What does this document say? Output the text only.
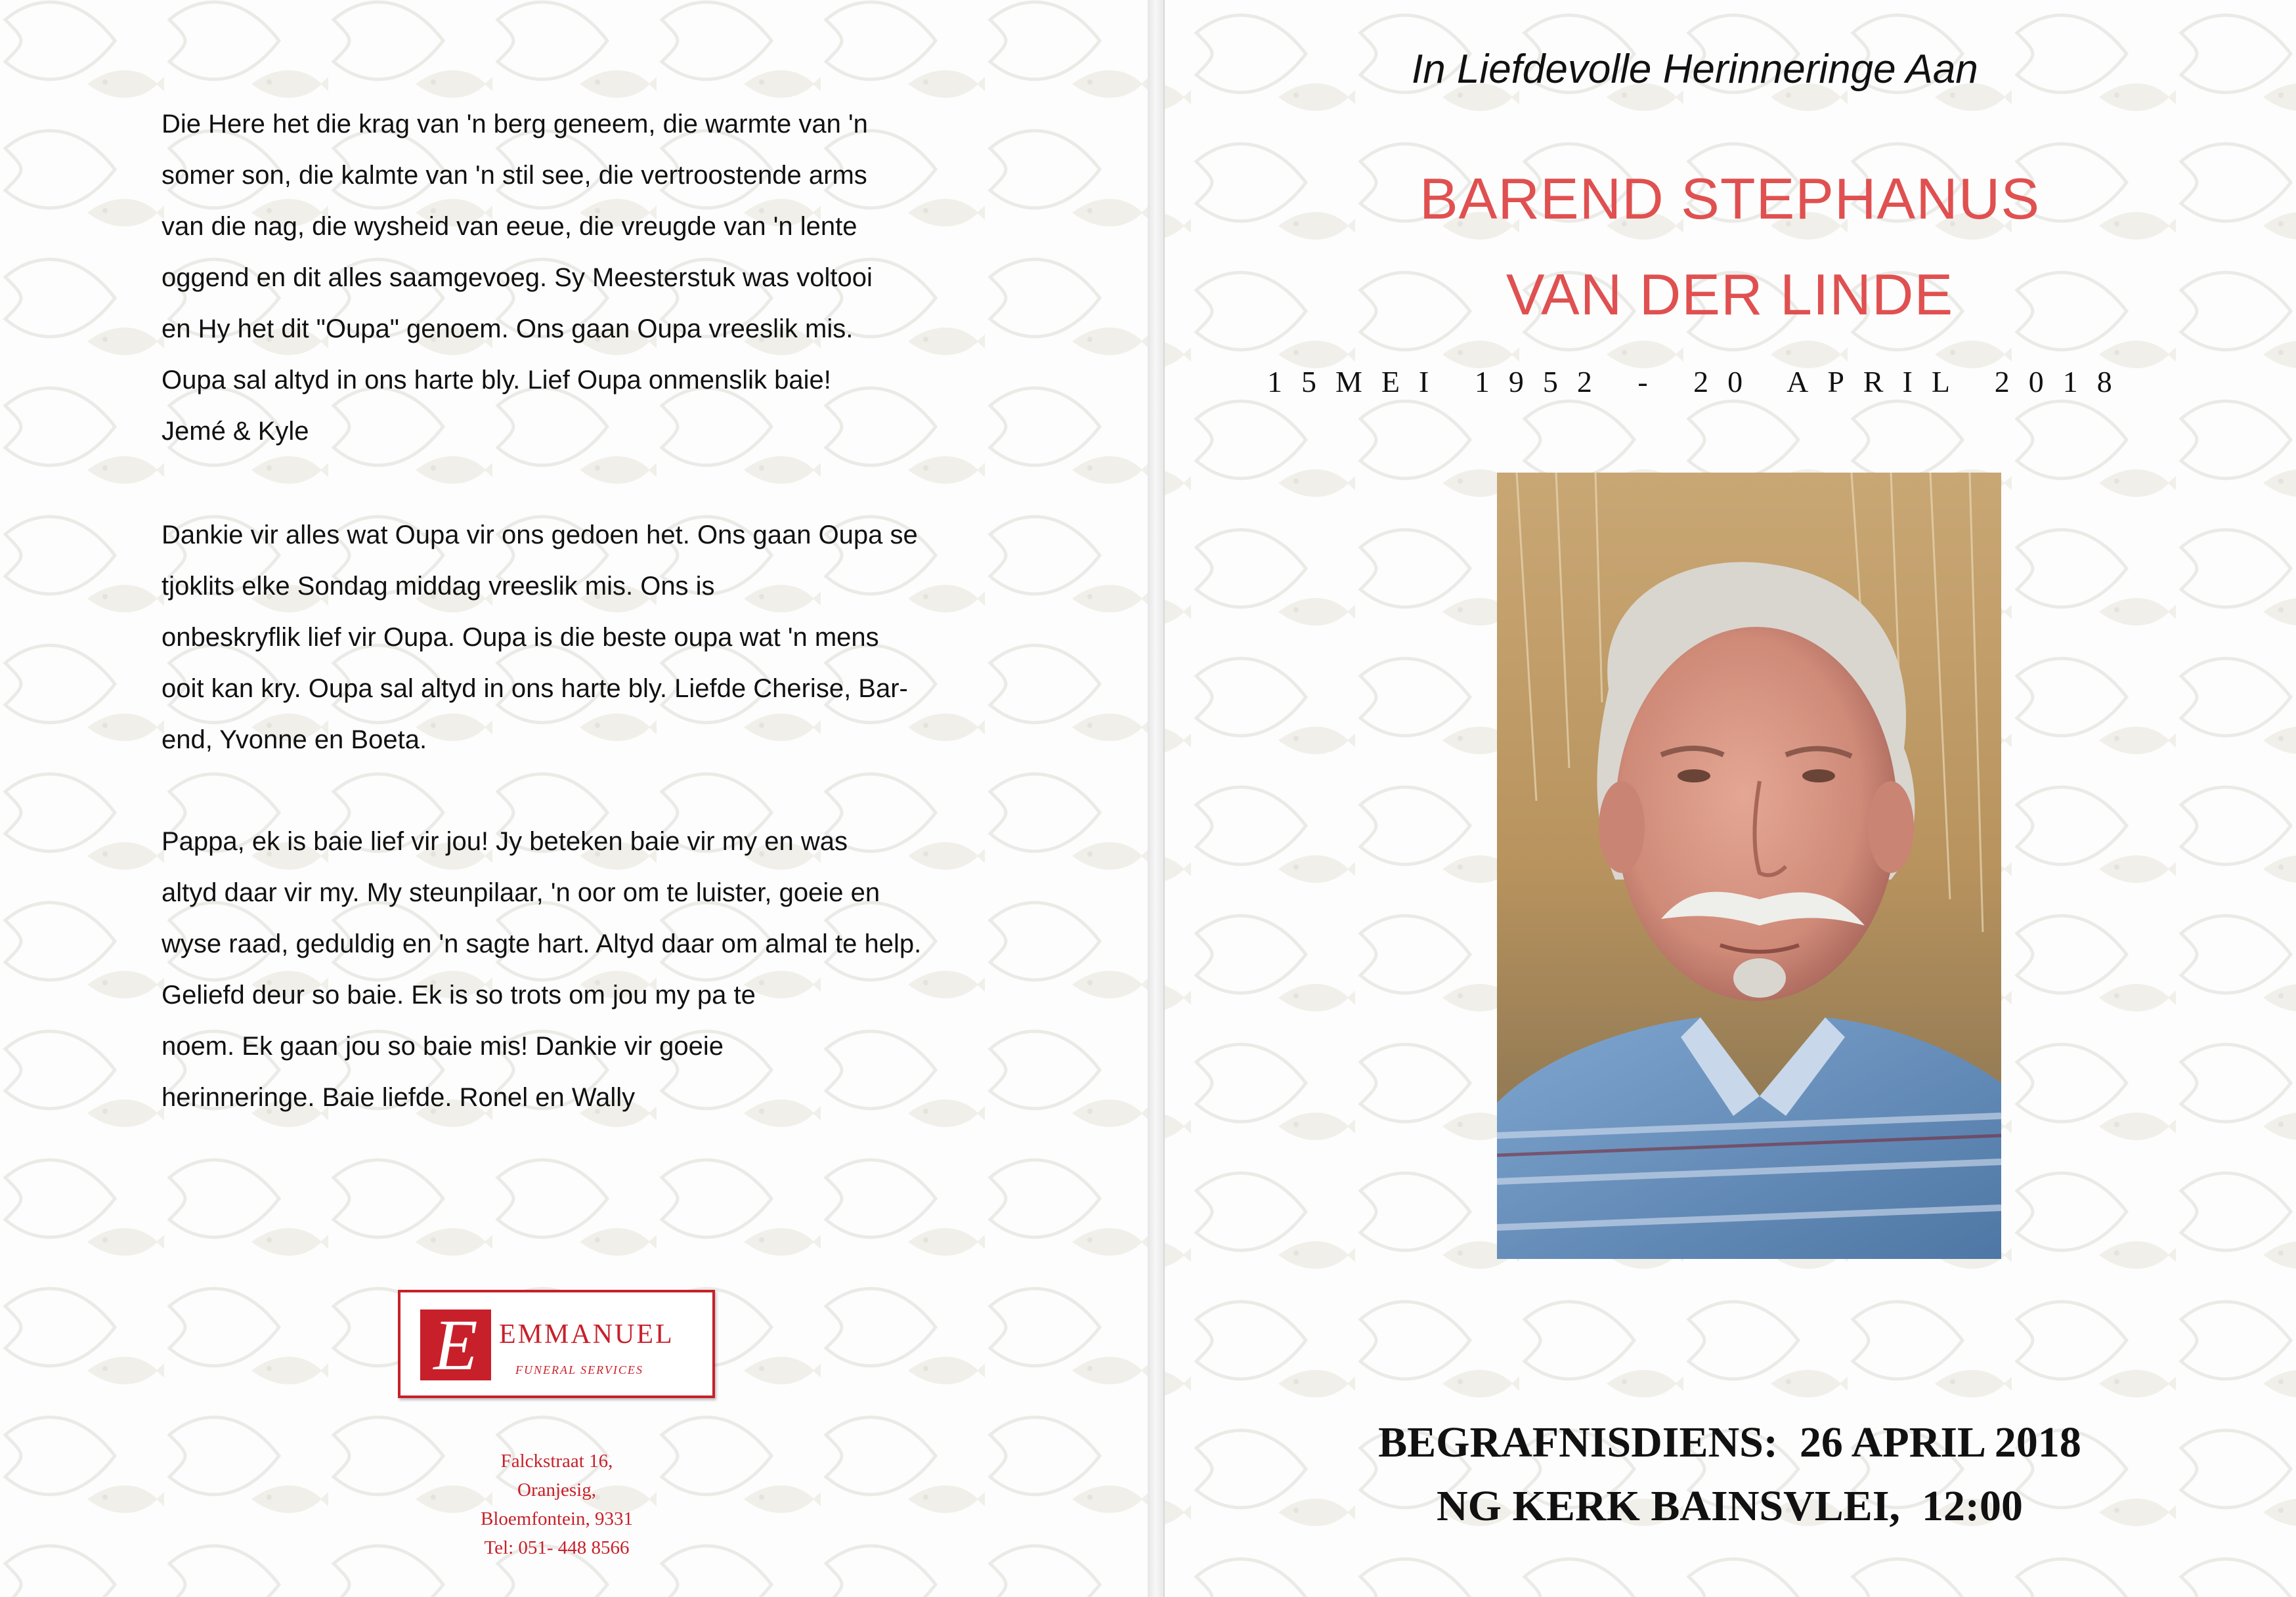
Die Here het die krag van 'n berg geneem, die warmte van 'n
somer son, die kalmte van 'n stil see, die vertroostende arms
van die nag, die wysheid van eeue, die vreugde van 'n lente
oggend en dit alles saamgevoeg. Sy Meesterstuk was voltooi
en Hy het dit "Oupa" genoem. Ons gaan Oupa vreeslik mis.
Oupa sal altyd in ons harte bly. Lief Oupa onmenslik baie!
Jemé & Kyle

Dankie vir alles wat Oupa vir ons gedoen het. Ons gaan Oupa se
tjoklits elke Sondag middag vreeslik mis. Ons is
onbeskryflik lief vir Oupa. Oupa is die beste oupa wat 'n mens
ooit kan kry. Oupa sal altyd in ons harte bly. Liefde Cherise, Bar-
end, Yvonne en Boeta.

Pappa, ek is baie lief vir jou! Jy beteken baie vir my en was
altyd daar vir my. My steunpilaar, 'n oor om te luister, goeie en
wyse raad, geduldig en 'n sagte hart. Altyd daar om almal te help.
Geliefd deur so baie. Ek is so trots om jou my pa te
noem. Ek gaan jou so baie mis! Dankie vir goeie
herinneringe. Baie liefde. Ronel en Wally

E EMMANUEL
FUNERAL SERVICES
Falckstraat 16,
Oranjesig,
Bloemfontein, 9331
Tel: 051- 448 8566
In Liefdevolle Herinneringe Aan
BAREND STEPHANUS
VAN DER LINDE
15MEI 1952 - 20 APRIL 2018
BEGRAFNISDIENS:  26 APRIL 2018
NG KERK BAINSVLEI,  12:00
